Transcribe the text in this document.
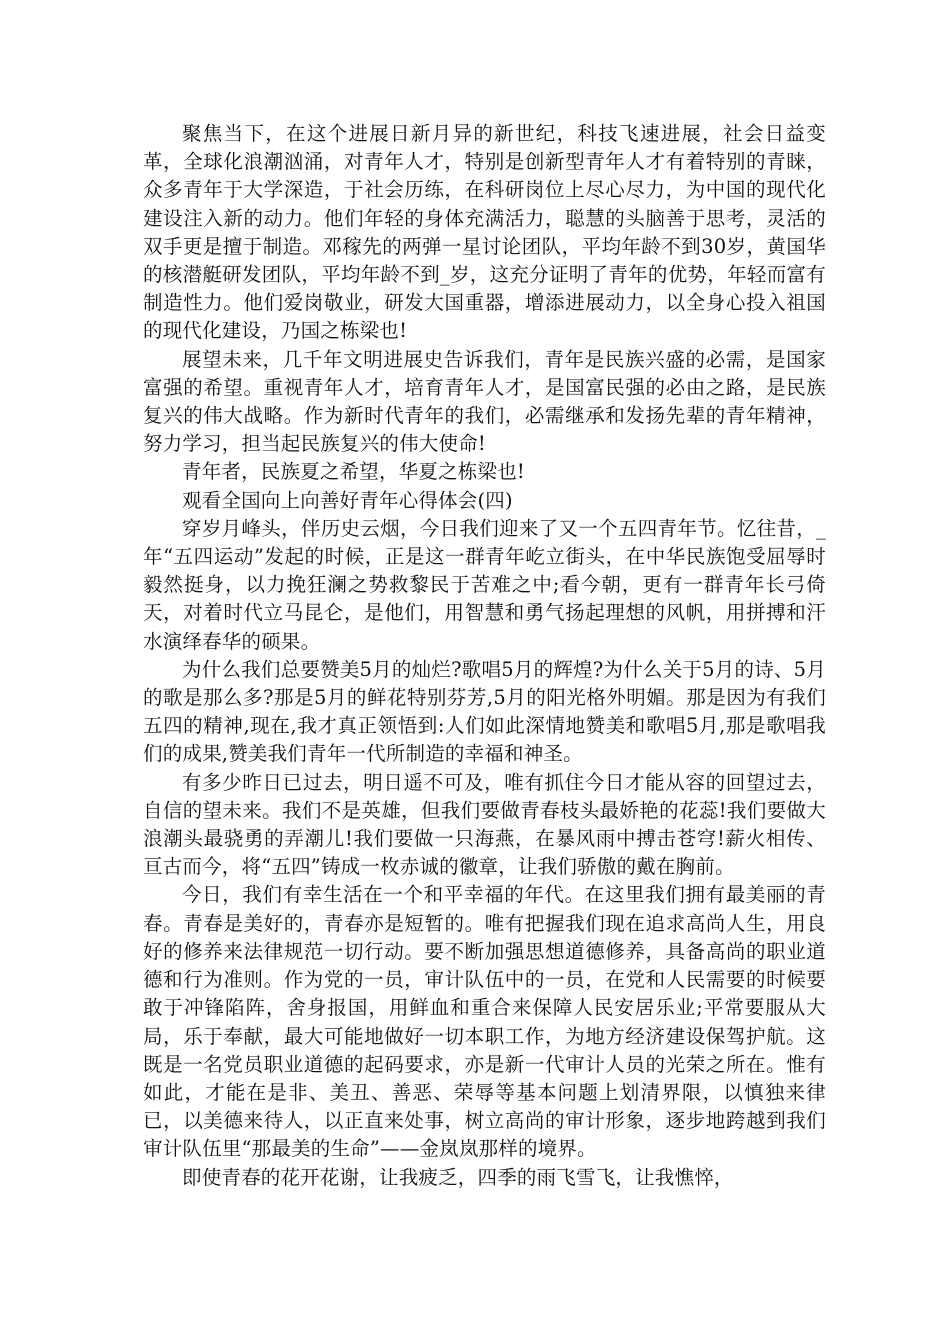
聚焦当下，在这个进展日新月异的新世纪，科技飞速进展，社会日益变革，全球化浪潮汹涌，对青年人才，特别是创新型青年人才有着特别的青睐，众多青年于大学深造，于社会历练，在科研岗位上尽心尽力，为中国的现代化建设注入新的动力。他们年轻的身体充满活力，聪慧的头脑善于思考，灵活的双手更是擅于制造。邓稼先的两弹一星讨论团队，平均年龄不到30岁，黄国华的核潜艇研发团队，平均年龄不到_岁，这充分证明了青年的优势，年轻而富有制造性力。他们爱岗敬业，研发大国重器，增添进展动力，以全身心投入祖国的现代化建设，乃国之栋梁也!

展望未来，几千年文明进展史告诉我们，青年是民族兴盛的必需，是国家富强的希望。重视青年人才，培育青年人才，是国富民强的必由之路，是民族复兴的伟大战略。作为新时代青年的我们，必需继承和发扬先辈的青年精神，努力学习，担当起民族复兴的伟大使命!

青年者，民族夏之希望，华夏之栋梁也!

观看全国向上向善好青年心得体会(四)

穿岁月峰头，伴历史云烟，今日我们迎来了又一个五四青年节。忆往昔，_年“五四运动”发起的时候，正是这一群青年屹立街头，在中华民族饱受屈辱时毅然挺身，以力挽狂澜之势救黎民于苦难之中;看今朝，更有一群青年长弓倚天，对着时代立马昆仑，是他们，用智慧和勇气扬起理想的风帆，用拼搏和汗水演绎春华的硕果。

为什么我们总要赞美5月的灿烂?歌唱5月的辉煌?为什么关于5月的诗、5月的歌是那么多?那是5月的鲜花特别芬芳,5月的阳光格外明媚。那是因为有我们五四的精神,现在,我才真正领悟到:人们如此深情地赞美和歌唱5月,那是歌唱我们的成果,赞美我们青年一代所制造的幸福和神圣。

有多少昨日已过去，明日遥不可及，唯有抓住今日才能从容的回望过去，自信的望未来。我们不是英雄，但我们要做青春枝头最娇艳的花蕊!我们要做大浪潮头最骁勇的弄潮儿!我们要做一只海燕，在暴风雨中搏击苍穹!薪火相传、亘古而今，将“五四”铸成一枚赤诚的徽章，让我们骄傲的戴在胸前。

今日，我们有幸生活在一个和平幸福的年代。在这里我们拥有最美丽的青春。青春是美好的，青春亦是短暂的。唯有把握我们现在追求高尚人生，用良好的修养来法律规范一切行动。要不断加强思想道德修养，具备高尚的职业道德和行为准则。作为党的一员，审计队伍中的一员，在党和人民需要的时候要敢于冲锋陷阵，舍身报国，用鲜血和重合来保障人民安居乐业;平常要服从大局，乐于奉献，最大可能地做好一切本职工作，为地方经济建设保驾护航。这既是一名党员职业道德的起码要求，亦是新一代审计人员的光荣之所在。惟有如此，才能在是非、美丑、善恶、荣辱等基本问题上划清界限，以慎独来律已，以美德来待人，以正直来处事，树立高尚的审计形象，逐步地跨越到我们审计队伍里“那最美的生命”——金岚岚那样的境界。

即使青春的花开花谢，让我疲乏，四季的雨飞雪飞，让我憔悴，
